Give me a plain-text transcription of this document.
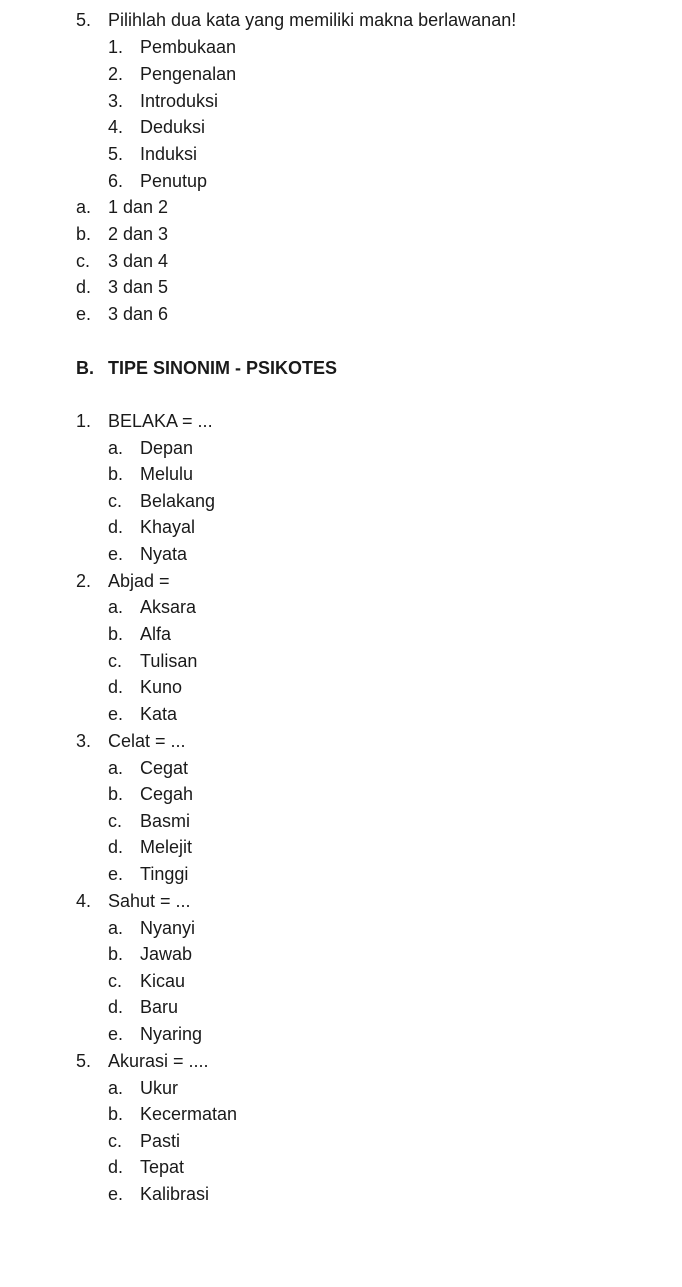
5. Pilihlah dua kata yang memiliki makna berlawanan!
1. Pembukaan
2. Pengenalan
3. Introduksi
4. Deduksi
5. Induksi
6. Penutup
a. 1 dan 2
b. 2 dan 3
c. 3 dan 4
d. 3 dan 5
e. 3 dan 6
B. TIPE SINONIM - PSIKOTES
1. BELAKA = ...
a. Depan
b. Melulu
c. Belakang
d. Khayal
e. Nyata
2. Abjad =
a. Aksara
b. Alfa
c. Tulisan
d. Kuno
e. Kata
3. Celat = ...
a. Cegat
b. Cegah
c. Basmi
d. Melejit
e. Tinggi
4. Sahut = ...
a. Nyanyi
b. Jawab
c. Kicau
d. Baru
e. Nyaring
5. Akurasi = ....
a. Ukur
b. Kecermatan
c. Pasti
d. Tepat
e. Kalibrasi
